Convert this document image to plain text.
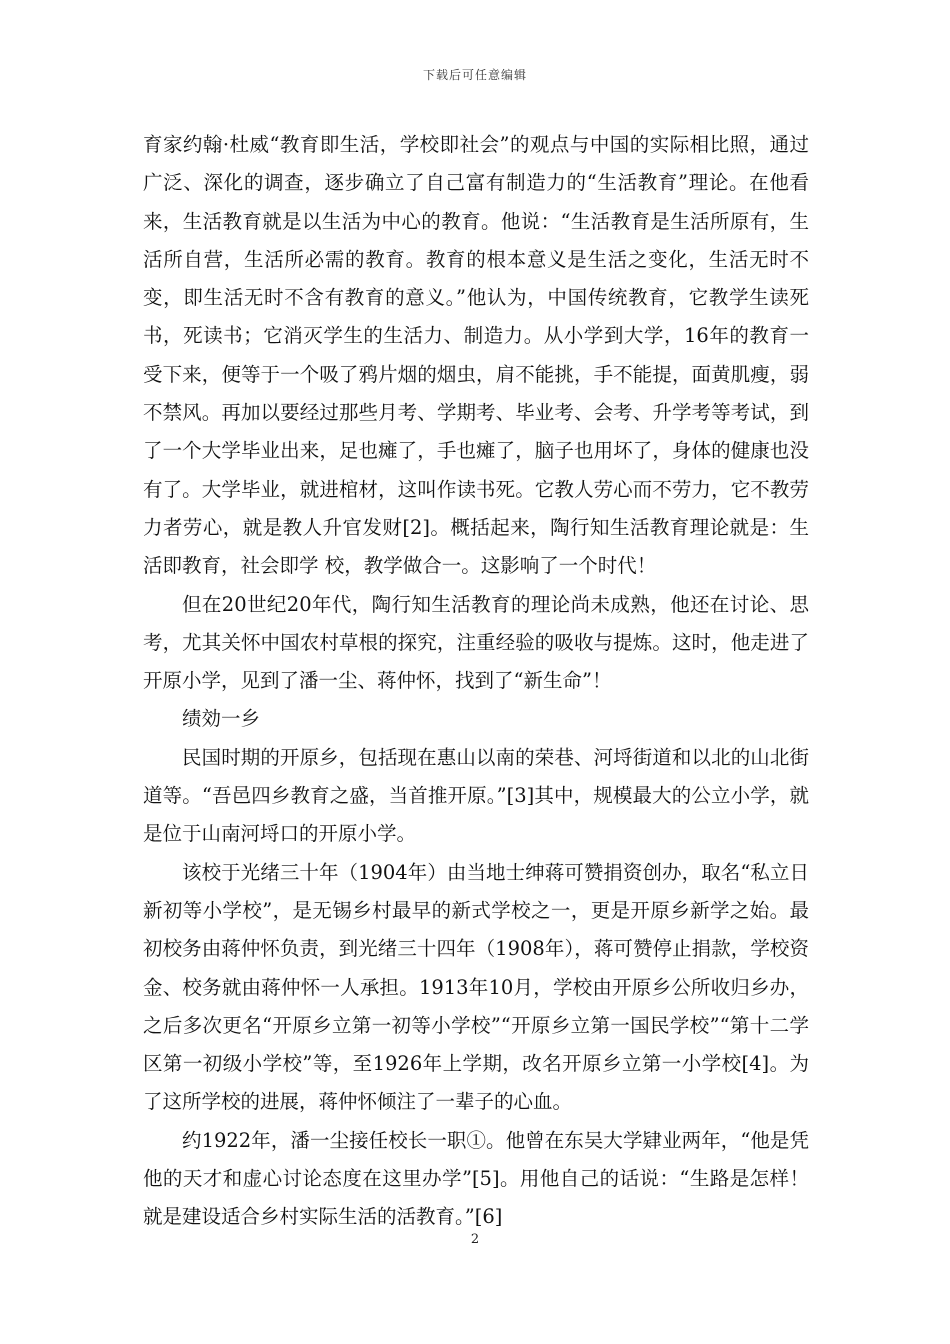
下载后可任意编辑

育家约翰·杜威“教育即生活，学校即社会”的观点与中国的实际相比照，通过广泛、深化的调查，逐步确立了自己富有制造力的“生活教育”理论。在他看来，生活教育就是以生活为中心的教育。他说：“生活教育是生活所原有，生活所自营，生活所必需的教育。教育的根本意义是生活之变化，生活无时不变，即生活无时不含有教育的意义。”他认为，中国传统教育，它教学生读死书，死读书；它消灭学生的生活力、制造力。从小学到大学，16年的教育一受下来，便等于一个吸了鸦片烟的烟虫，肩不能挑，手不能提，面黄肌瘦，弱不禁风。再加以要经过那些月考、学期考、毕业考、会考、升学考等考试，到了一个大学毕业出来，足也瘫了，手也瘫了，脑子也用坏了，身体的健康也没有了。大学毕业，就进棺材，这叫作读书死。它教人劳心而不劳力，它不教劳力者劳心，就是教人升官发财[2]。概括起来，陶行知生活教育理论就是：生活即教育，社会即学 校，教学做合一。这影响了一个时代！

但在20世纪20年代，陶行知生活教育的理论尚未成熟，他还在讨论、思考，尤其关怀中国农村草根的探究，注重经验的吸收与提炼。这时，他走进了开原小学，见到了潘一尘、蒋仲怀，找到了“新生命”！

绩効一乡

民国时期的开原乡，包括现在惠山以南的荣巷、河埒街道和以北的山北街道等。“吾邑四乡教育之盛，当首推开原。”[3]其中，规模最大的公立小学，就是位于山南河埒口的开原小学。

该校于光绪三十年（1904年）由当地士绅蒋可赞捐资创办，取名“私立日新初等小学校”，是无锡乡村最早的新式学校之一，更是开原乡新学之始。最初校务由蒋仲怀负责，到光绪三十四年（1908年），蒋可赞停止捐款，学校资金、校务就由蒋仲怀一人承担。1913年10月，学校由开原乡公所收归乡办，之后多次更名“开原乡立第一初等小学校”“开原乡立第一国民学校”“第十二学区第一初级小学校”等，至1926年上学期，改名开原乡立第一小学校[4]。为了这所学校的进展，蒋仲怀倾注了一辈子的心血。

约1922年，潘一尘接任校长一职①。他曾在东吴大学肄业两年，“他是凭他的天才和虚心讨论态度在这里办学”[5]。用他自己的话说：“生路是怎样！就是建设适合乡村实际生活的活教育。”[6]

2
